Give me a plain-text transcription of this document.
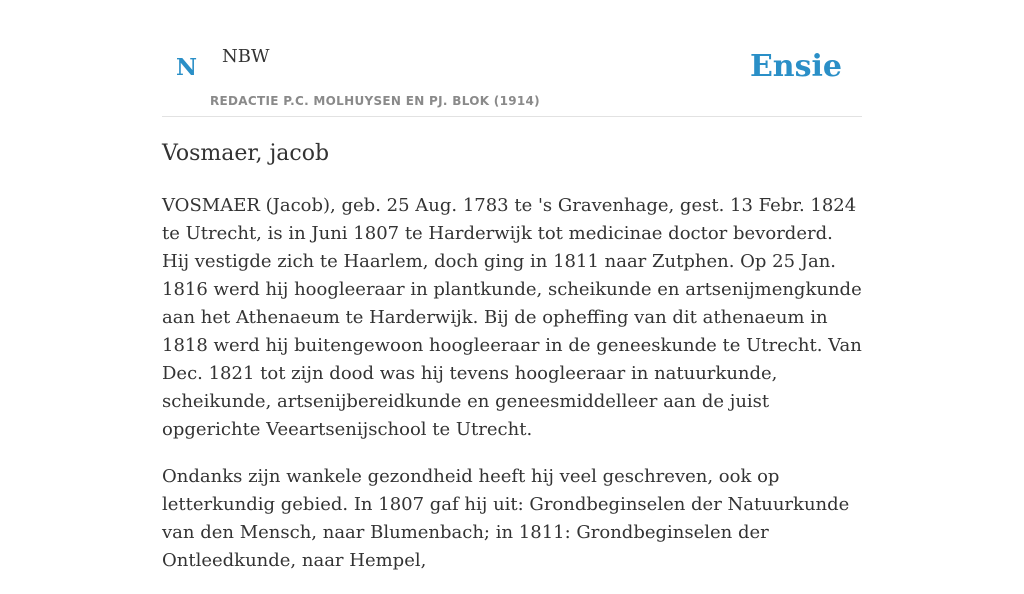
N NBW
REDACTIE P.C. MOLHUYSEN EN PJ. BLOK (1914)
Ensie
Vosmaer, jacob

VOSMAER (Jacob), geb. 25 Aug. 1783 te 's Gravenhage, gest. 13 Febr. 1824 te Utrecht, is in Juni 1807 te Harderwijk tot medicinae doctor bevorderd. Hij vestigde zich te Haarlem, doch ging in 1811 naar Zutphen. Op 25 Jan. 1816 werd hij hoogleeraar in plantkunde, scheikunde en artsenijmengkunde aan het Athenaeum te Harderwijk. Bij de opheffing van dit athenaeum in 1818 werd hij buitengewoon hoogleeraar in de geneeskunde te Utrecht. Van Dec. 1821 tot zijn dood was hij tevens hoogleeraar in natuurkunde, scheikunde, artsenijbereidkunde en geneesmiddelleer aan de juist opgerichte Veeartsenijschool te Utrecht.

Ondanks zijn wankele gezondheid heeft hij veel geschreven, ook op letterkundig gebied. In 1807 gaf hij uit: Grondbeginselen der Natuurkunde van den Mensch, naar Blumenbach; in 1811: Grondbeginselen der Ontleedkunde, naar Hempel,
